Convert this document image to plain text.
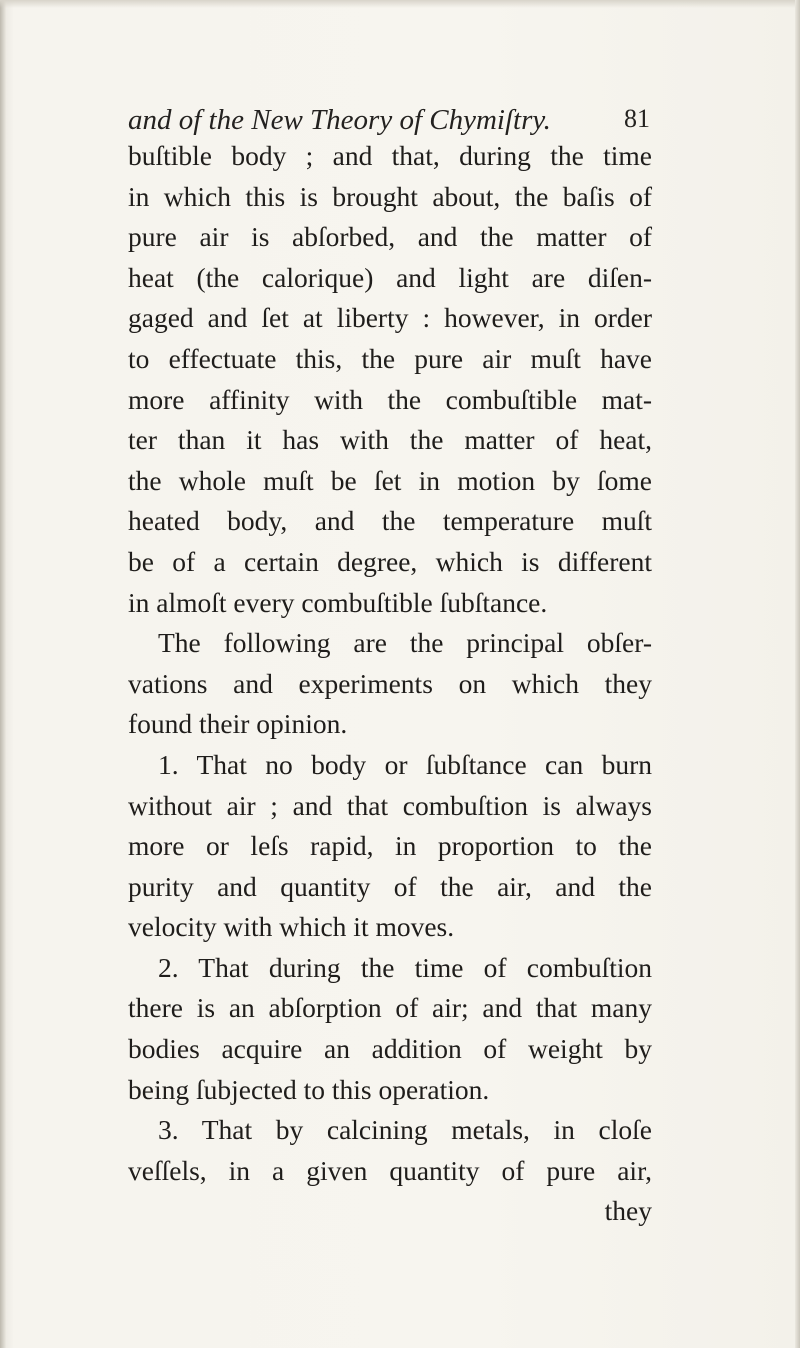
and of the New Theory of Chymiſtry.	81
buſtible body ; and that, during the time
in which this is brought about, the baſis of
pure air is abſorbed, and the matter of
heat (the calorique) and light are diſen-
gaged and ſet at liberty : however, in order
to effectuate this, the pure air muſt have
more affinity with the combuſtible mat-
ter than it has with the matter of heat,
the whole muſt be ſet in motion by ſome
heated body, and the temperature muſt
be of a certain degree, which is different
in almoſt every combuſtible ſubſtance.
The following are the principal obſer-
vations and experiments on which they
found their opinion.
1. That no body or ſubſtance can burn
without air ; and that combuſtion is always
more or leſs rapid, in proportion to the
purity and quantity of the air, and the
velocity with which it moves.
2. That during the time of combuſtion
there is an abſorption of air; and that many
bodies acquire an addition of weight by
being ſubjected to this operation.
3. That by calcining metals, in cloſe
veſſels, in a given quantity of pure air,
they
